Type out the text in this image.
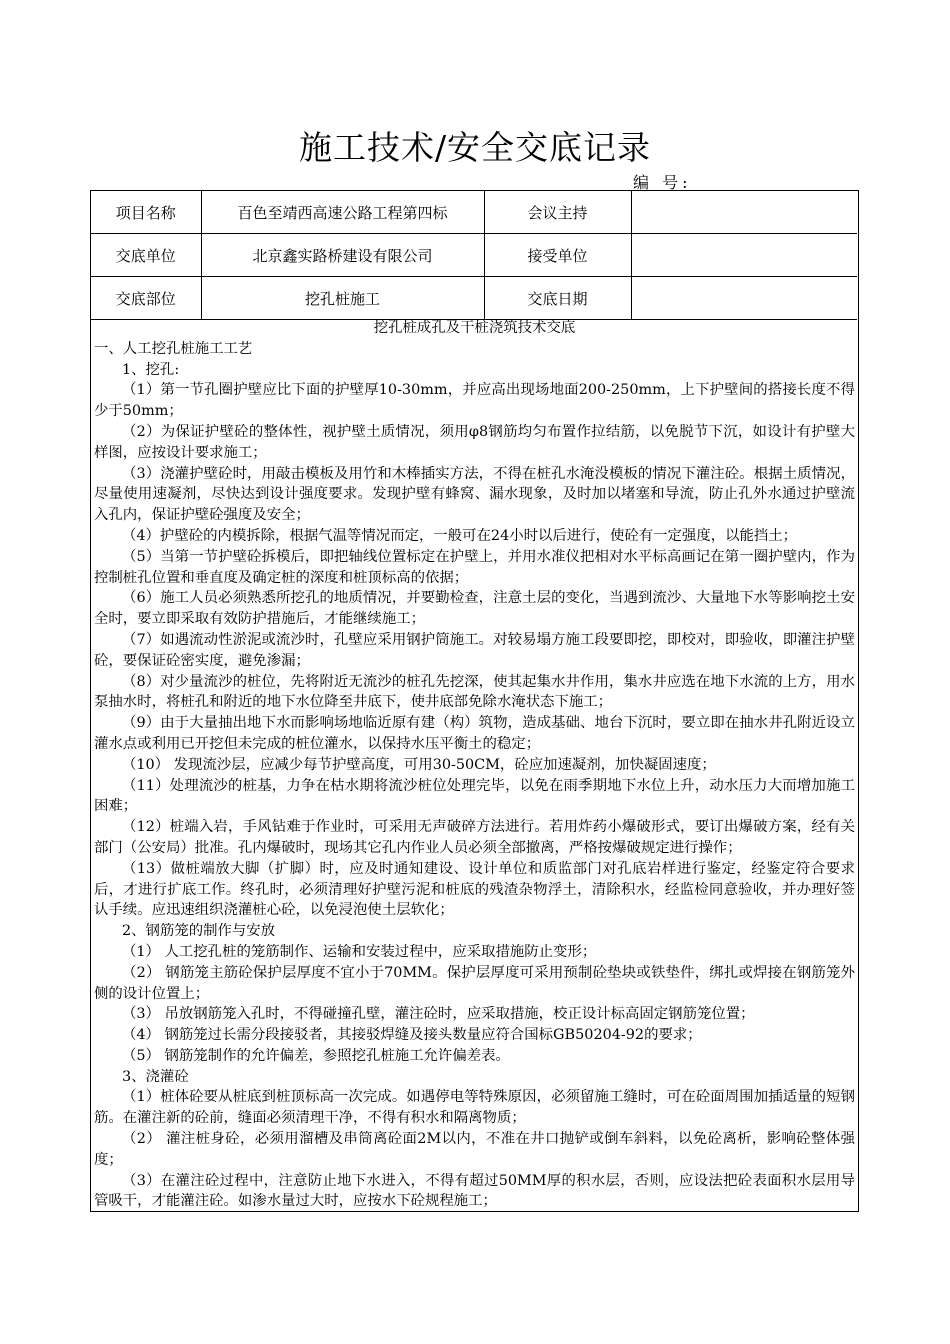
施工技术/安全交底记录
编 号:
项目名称	百色至靖西高速公路工程第四标	会议主持	
交底单位	北京鑫实路桥建设有限公司	接受单位	
交底部位	挖孔桩施工	交底日期	

挖孔桩成孔及干桩浇筑技术交底

一、人工挖孔桩施工工艺

1、挖孔:

（1）第一节孔圈护壁应比下面的护壁厚10-30mm，并应高出现场地面200-250mm，上下护壁间的搭接长度不得少于50mm；

（2）为保证护壁砼的整体性，视护壁土质情况，须用φ8钢筋均匀布置作拉结筋，以免脱节下沉，如设计有护壁大样图，应按设计要求施工；

（3）浇灌护壁砼时，用敲击模板及用竹和木棒插实方法，不得在桩孔水淹没模板的情况下灌注砼。根据土质情况，尽量使用速凝剂，尽快达到设计强度要求。发现护壁有蜂窝、漏水现象，及时加以堵塞和导流，防止孔外水通过护壁流入孔内，保证护壁砼强度及安全；

（4）护壁砼的内模拆除，根据气温等情况而定，一般可在24小时以后进行，使砼有一定强度，以能挡土；

（5）当第一节护壁砼拆模后，即把轴线位置标定在护壁上，并用水准仪把相对水平标高画记在第一圈护壁内，作为控制桩孔位置和垂直度及确定桩的深度和桩顶标高的依据；

（6）施工人员必须熟悉所挖孔的地质情况，并要勤检查，注意土层的变化，当遇到流沙、大量地下水等影响挖土安全时，要立即采取有效防护措施后，才能继续施工；

（7）如遇流动性淤泥或流沙时，孔壁应采用钢护筒施工。对较易塌方施工段要即挖，即校对，即验收，即灌注护壁砼，要保证砼密实度，避免渗漏；

（8）对少量流沙的桩位，先将附近无流沙的桩孔先挖深，使其起集水井作用，集水井应选在地下水流的上方，用水泵抽水时，将桩孔和附近的地下水位降至井底下，使井底部免除水淹状态下施工；

（9）由于大量抽出地下水而影响场地临近原有建（构）筑物，造成基础、地台下沉时，要立即在抽水井孔附近设立灌水点或利用已开挖但未完成的桩位灌水，以保持水压平衡土的稳定；

（10） 发现流沙层，应减少每节护壁高度，可用30-50CM，砼应加速凝剂，加快凝固速度；

（11）处理流沙的桩基，力争在枯水期将流沙桩位处理完毕，以免在雨季期地下水位上升，动水压力大而增加施工困难；

（12）桩端入岩，手风钻难于作业时，可采用无声破碎方法进行。若用炸药小爆破形式，要订出爆破方案，经有关部门（公安局）批准。孔内爆破时，现场其它孔内作业人员必须全部撤离，严格按爆破规定进行操作；

（13）做桩端放大脚（扩脚）时，应及时通知建设、设计单位和质监部门对孔底岩样进行鉴定，经鉴定符合要求后，才进行扩底工作。终孔时，必须清理好护壁污泥和桩底的残渣杂物浮土，清除积水，经监检同意验收，并办理好签认手续。应迅速组织浇灌桩心砼，以免浸泡使土层软化；

2、钢筋笼的制作与安放

（1） 人工挖孔桩的笼筋制作、运输和安装过程中，应采取措施防止变形；

（2） 钢筋笼主筋砼保护层厚度不宜小于70MM。保护层厚度可采用预制砼垫块或铁垫件，绑扎或焊接在钢筋笼外侧的设计位置上；

（3） 吊放钢筋笼入孔时，不得碰撞孔壁，灌注砼时，应采取措施，校正设计标高固定钢筋笼位置；

（4） 钢筋笼过长需分段接驳者，其接驳焊缝及接头数量应符合国标GB50204-92的要求；

（5） 钢筋笼制作的允许偏差，参照挖孔桩施工允许偏差表。

3、浇灌砼

（1）桩体砼要从桩底到桩顶标高一次完成。如遇停电等特殊原因，必须留施工缝时，可在砼面周围加插适量的短钢筋。在灌注新的砼前，缝面必须清理干净，不得有积水和隔离物质；

（2） 灌注桩身砼，必须用溜槽及串筒离砼面2M以内，不准在井口抛铲或倒车斜料，以免砼离析，影响砼整体强度；

（3）在灌注砼过程中，注意防止地下水进入，不得有超过50MM厚的积水层，否则，应设法把砼表面积水层用导管吸干，才能灌注砼。如渗水量过大时，应按水下砼规程施工；
